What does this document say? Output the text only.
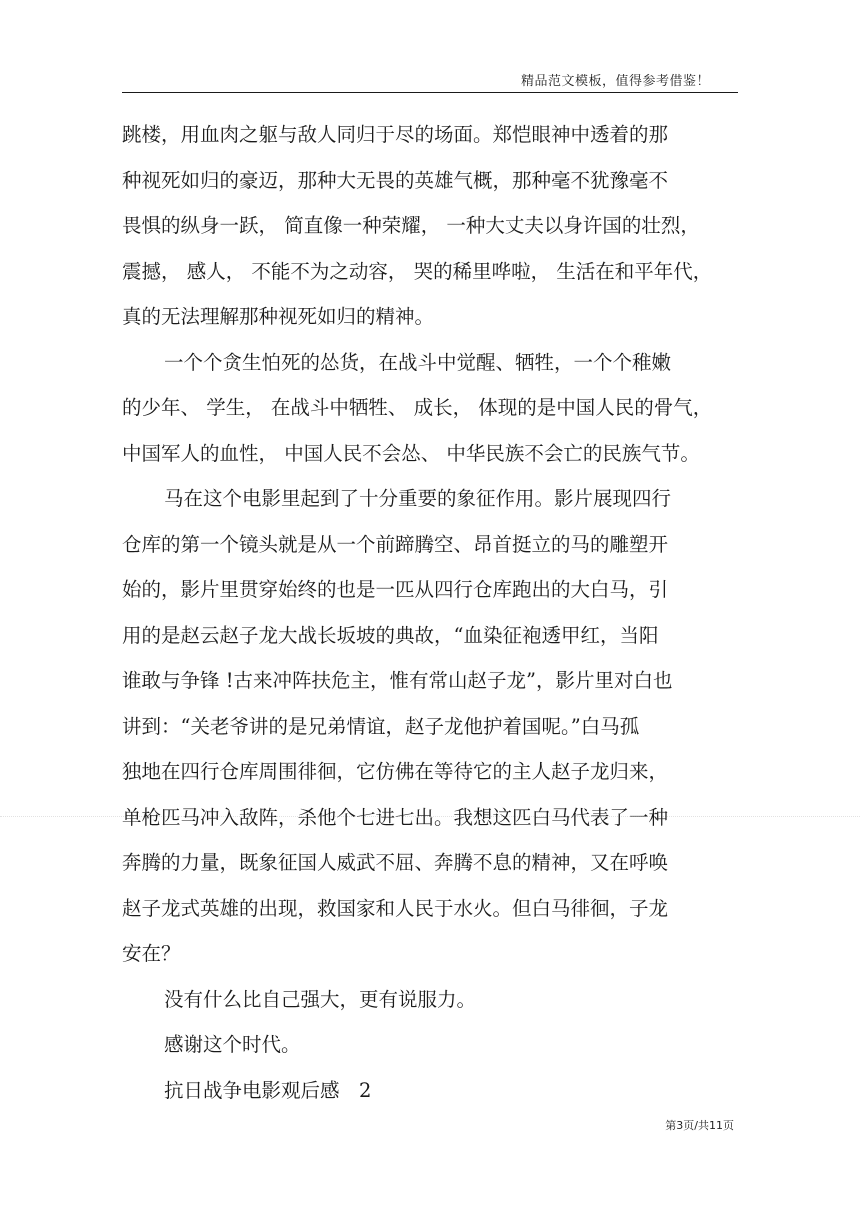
精品范文模板，值得参考借鉴！
跳楼，用血肉之躯与敌人同归于尽的场面。郑恺眼神中透着的那
种视死如归的豪迈，那种大无畏的英雄气概，那种毫不犹豫毫不
畏惧的纵身一跃， 简直像一种荣耀， 一种大丈夫以身许国的壮烈，
震撼， 感人， 不能不为之动容， 哭的稀里哗啦， 生活在和平年代，
真的无法理解那种视死如归的精神。
一个个贪生怕死的怂货，在战斗中觉醒、牺牲，一个个稚嫩
的少年、 学生， 在战斗中牺牲、 成长， 体现的是中国人民的骨气，
中国军人的血性， 中国人民不会怂、 中华民族不会亡的民族气节。
马在这个电影里起到了十分重要的象征作用。影片展现四行
仓库的第一个镜头就是从一个前蹄腾空、昂首挺立的马的雕塑开
始的，影片里贯穿始终的也是一匹从四行仓库跑出的大白马，引
用的是赵云赵子龙大战长坂坡的典故，“血染征袍透甲红，当阳
谁敢与争锋 !古来冲阵扶危主，惟有常山赵子龙”，影片里对白也
讲到：“关老爷讲的是兄弟情谊，赵子龙他护着国呢。”白马孤
独地在四行仓库周围徘徊，它仿佛在等待它的主人赵子龙归来，
单枪匹马冲入敌阵，杀他个七进七出。我想这匹白马代表了一种
奔腾的力量，既象征国人威武不屈、奔腾不息的精神，又在呼唤
赵子龙式英雄的出现，救国家和人民于水火。但白马徘徊，子龙
安在？
没有什么比自己强大，更有说服力。
感谢这个时代。
抗日战争电影观后感　2
第3页/共11页
